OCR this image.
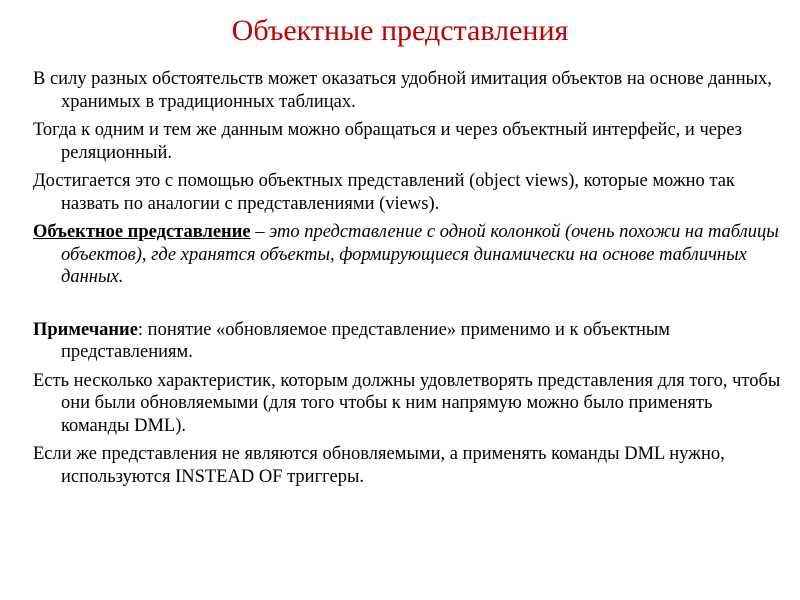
Объектные представления

В силу разных обстоятельств может оказаться удобной имитация объектов на основе данных, хранимых в традиционных таблицах.

Тогда к одним и тем же данным можно обращаться и через объектный интерфейс, и через реляционный.

Достигается это с помощью объектных представлений (object views), которые можно так назвать по аналогии с представлениями (views).

Объектное представление – это представление с одной колонкой (очень похожи на таблицы объектов), где хранятся объекты, формирующиеся динамически на основе табличных данных.

Примечание: понятие «обновляемое представление» применимо и к объектным представлениям.

Есть несколько характеристик, которым должны удовлетворять представления для того, чтобы они были обновляемыми (для того чтобы к ним напрямую можно было применять команды DML).

Если же представления не являются обновляемыми, а применять команды DML нужно, используются INSTEAD OF триггеры.
